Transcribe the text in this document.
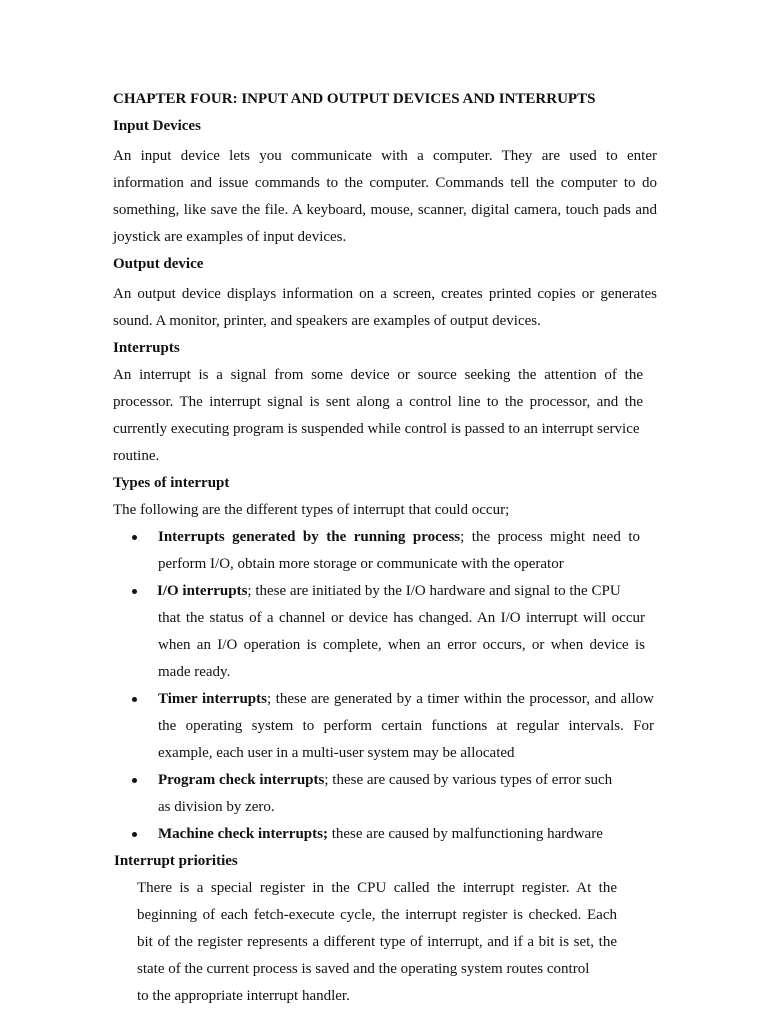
CHAPTER FOUR: INPUT AND OUTPUT DEVICES AND INTERRUPTS
Input Devices
An input device lets you communicate with a computer. They are used to enter
information and issue commands to the computer. Commands tell the computer to do
something, like save the file. A keyboard, mouse, scanner, digital camera, touch pads and
joystick are examples of input devices.
Output device
An output device displays information on a screen, creates printed copies or generates
sound. A monitor, printer, and speakers are examples of output devices.
Interrupts
An interrupt is a signal from some device or source seeking the attention of the
processor. The interrupt signal is sent along a control line to the processor, and the
currently executing program is suspended while control is passed to an interrupt service
routine.
Types of interrupt
The following are the different types of interrupt that could occur;
Interrupts generated by the running process; the process might need to
perform I/O, obtain more storage or communicate with the operator
I/O interrupts; these are initiated by the I/O hardware and signal to the CPU
that the status of a channel or device has changed. An I/O interrupt will occur
when an I/O operation is complete, when an error occurs, or when device is
made ready.
Timer interrupts; these are generated by a timer within the processor, and allow
the operating system to perform certain functions at regular intervals. For
example, each user in a multi-user system may be allocated
Program check interrupts; these are caused by various types of error such
as division by zero.
Machine check interrupts; these are caused by malfunctioning hardware
Interrupt priorities
There is a special register in the CPU called the interrupt register. At the
beginning of each fetch-execute cycle, the interrupt register is checked. Each
bit of the register represents a different type of interrupt, and if a bit is set, the
state of the current process is saved and the operating system routes control
to the appropriate interrupt handler.
